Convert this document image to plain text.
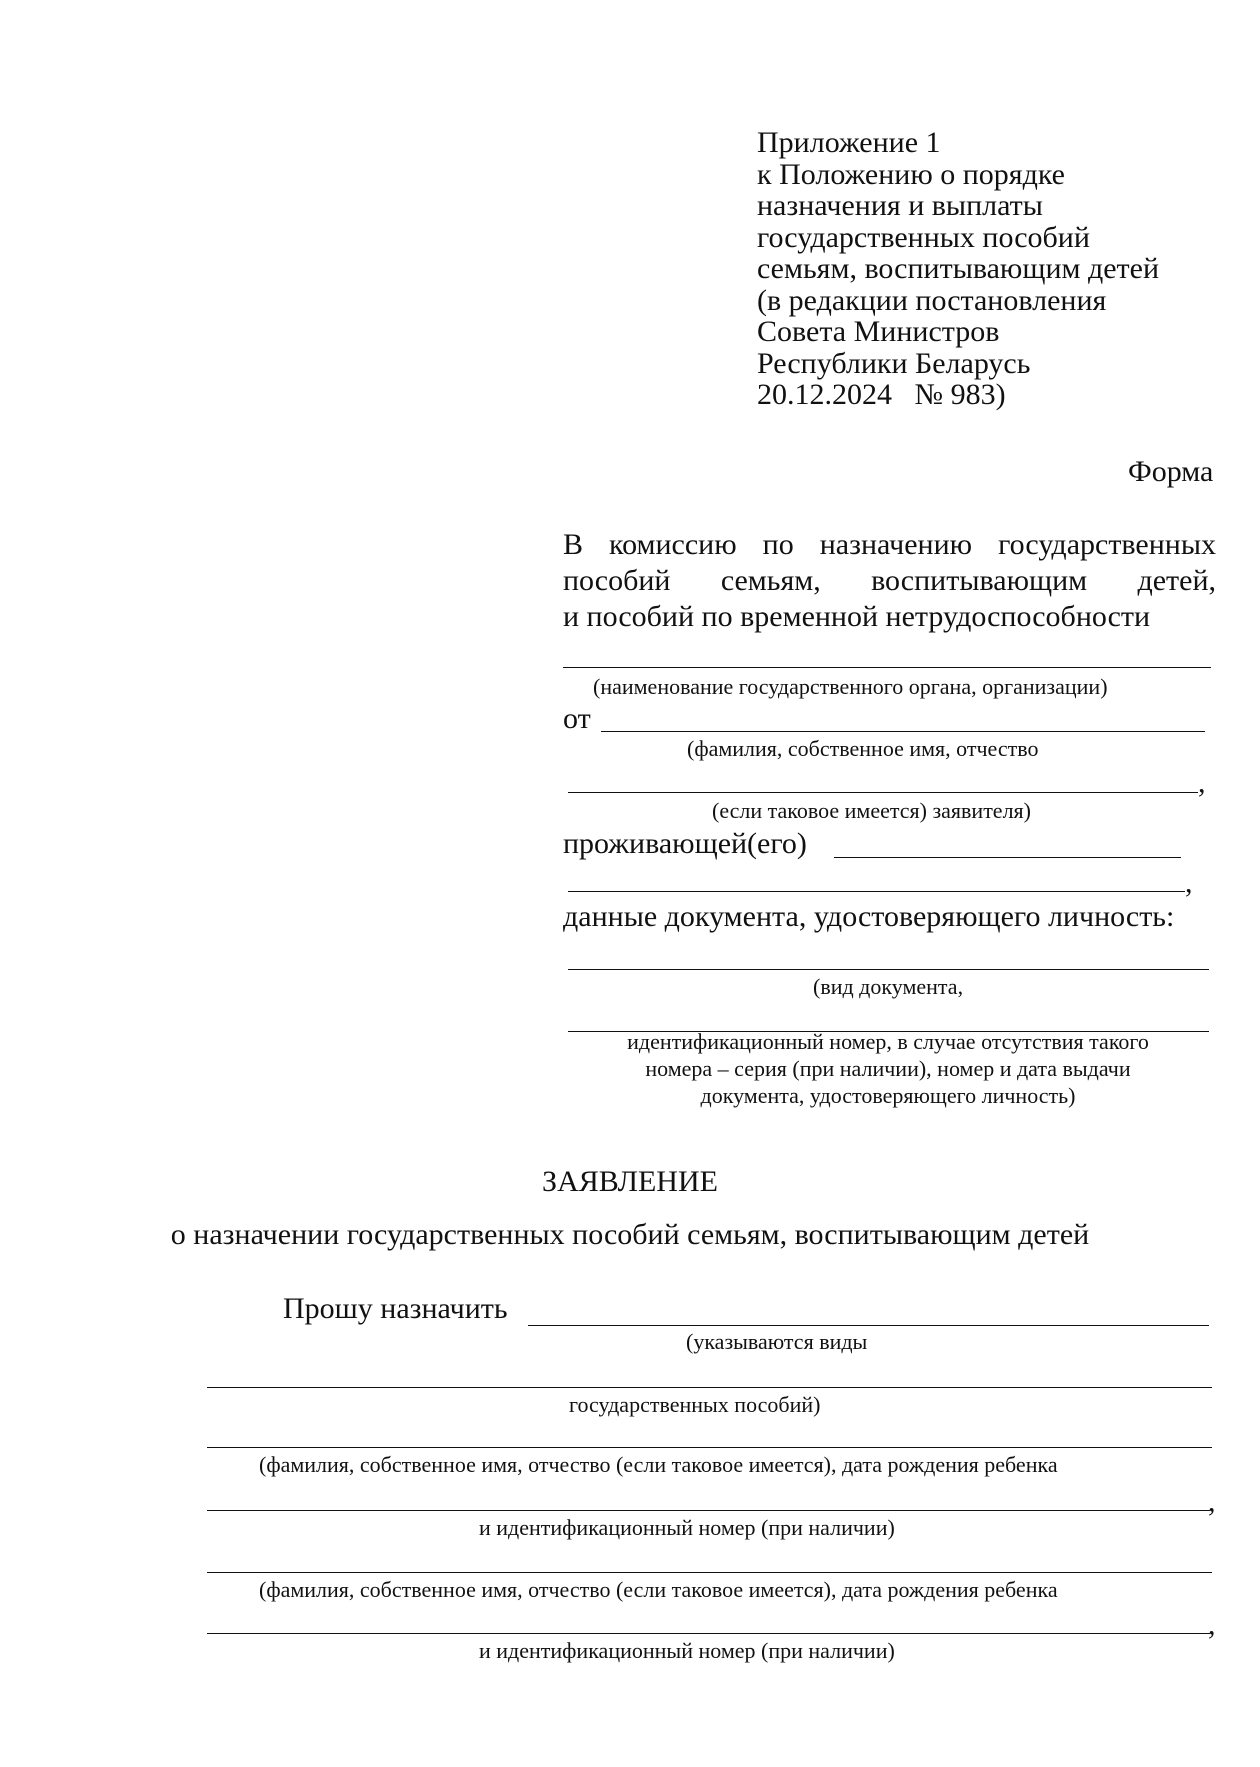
Приложение 1
к Положению о порядке
назначения и выплаты
государственных пособий
семьям, воспитывающим детей
(в редакции постановления
Совета Министров
Республики Беларусь
20.12.2024   № 983)
Форма
В комиссию по назначению государственных
пособий семьям, воспитывающим детей,
и пособий по временной нетрудоспособности
(наименование государственного органа, организации)
от
(фамилия, собственное имя, отчество
,
(если таковое имеется) заявителя)
проживающей(его)
,
данные документа, удостоверяющего личность:
(вид документа,
идентификационный номер, в случае отсутствия такого
номера – серия (при наличии), номер и дата выдачи
документа, удостоверяющего личность)
ЗАЯВЛЕНИЕ
о назначении государственных пособий семьям, воспитывающим детей
Прошу назначить
(указываются виды
государственных пособий)
(фамилия, собственное имя, отчество (если таковое имеется), дата рождения ребенка
,
и идентификационный номер (при наличии)
(фамилия, собственное имя, отчество (если таковое имеется), дата рождения ребенка
,
и идентификационный номер (при наличии)
